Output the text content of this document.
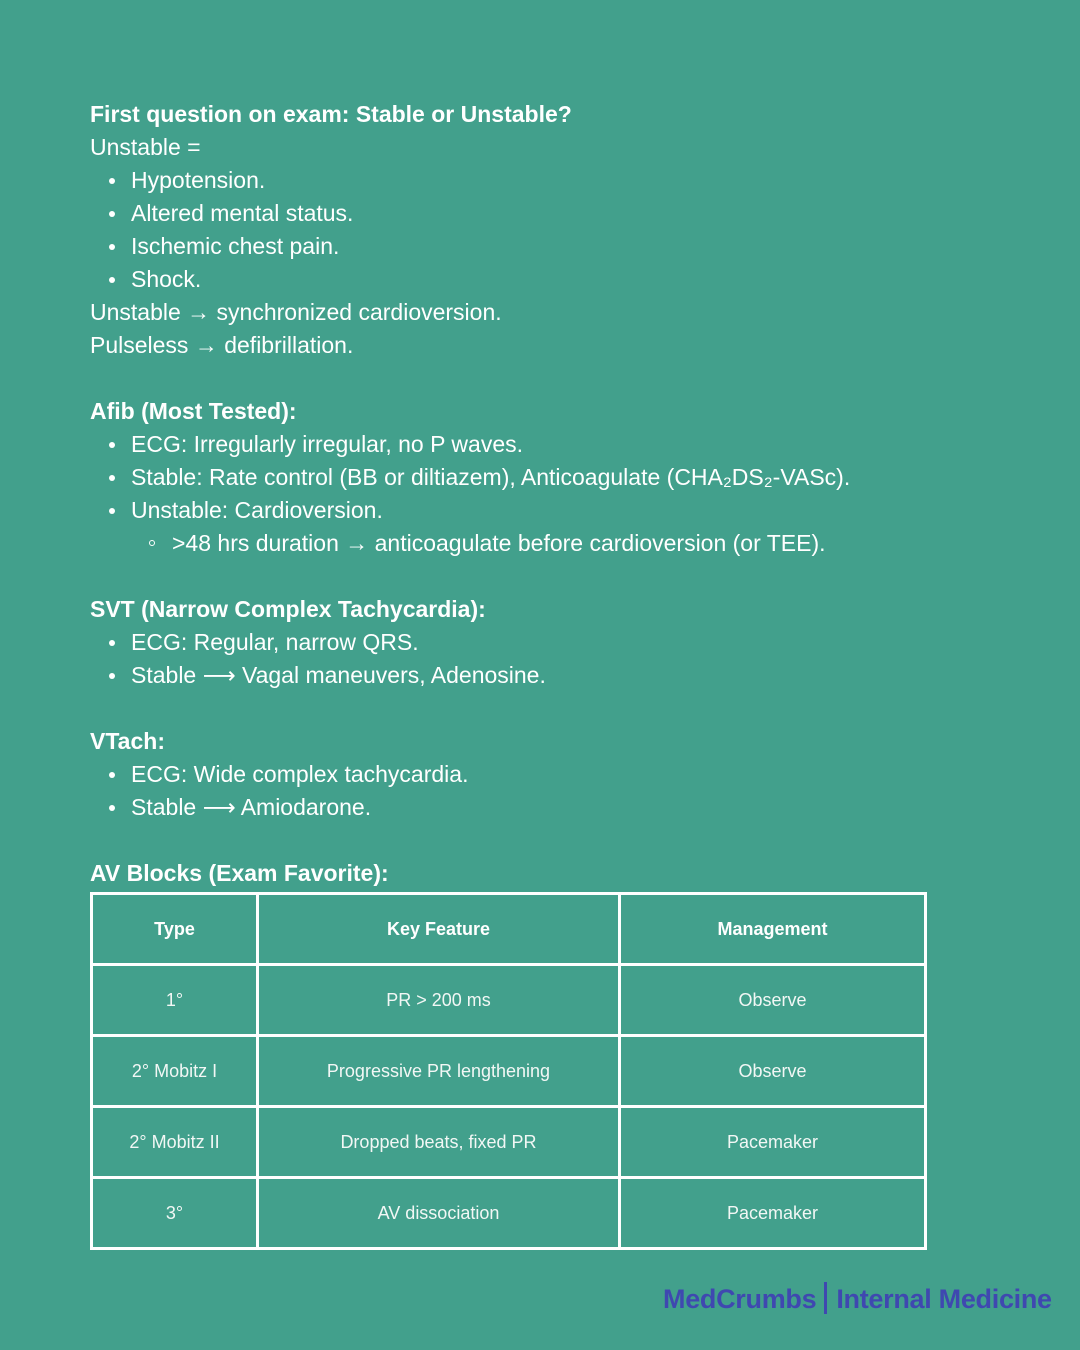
First question on exam: Stable or Unstable?

Unstable =

Hypotension.
Altered mental status.
Ischemic chest pain.
Shock.

Unstable → synchronized cardioversion.

Pulseless → defibrillation.

Afib (Most Tested):

ECG: Irregularly irregular, no P waves.
Stable: Rate control (BB or diltiazem), Anticoagulate (CHA₂DS₂-VASc).
Unstable: Cardioversion.
>48 hrs duration → anticoagulate before cardioversion (or TEE).

SVT (Narrow Complex Tachycardia):

ECG: Regular, narrow QRS.
Stable ⟶ Vagal maneuvers, Adenosine.

VTach:

ECG: Wide complex tachycardia.
Stable ⟶ Amiodarone.

AV Blocks (Exam Favorite):

Type	Key Feature	Management
1°	PR > 200 ms	Observe
2° Mobitz I	Progressive PR lengthening	Observe
2° Mobitz II	Dropped beats, fixed PR	Pacemaker
3°	AV dissociation	Pacemaker
MedCrumbs Internal Medicine
